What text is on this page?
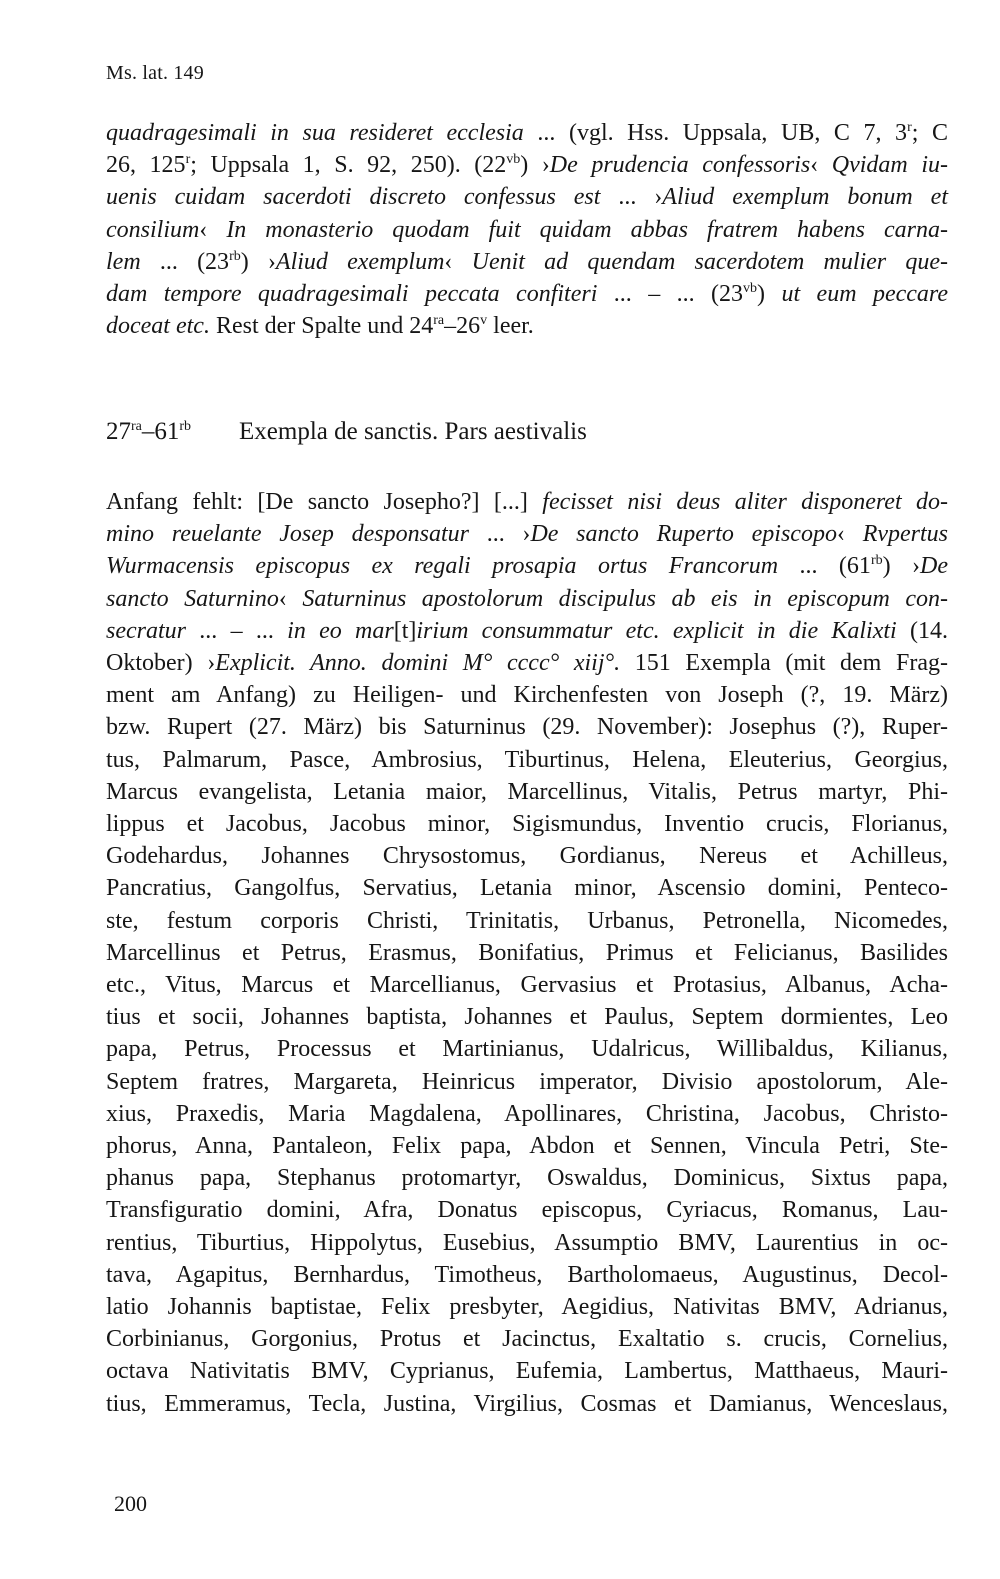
Ms. lat. 149
quadragesimali in sua resideret ecclesia ... (vgl. Hss. Uppsala, UB, C 7, 3$^r$; C
26, 125$^r$; Uppsala 1, S. 92, 250). $(22^{vb})$ ›De prudencia confessoris‹ Qvidam iu-
uenis cuidam sacerdoti discreto confessus est ... ›Aliud exemplum bonum et
consilium‹ In monasterio quodam fuit quidam abbas fratrem habens carna-
lem ... $(23^{rb})$ ›Aliud exemplum‹ Uenit ad quendam sacerdotem mulier que-
dam tempore quadragesimali peccata confiteri ... – ... $(23^{vb})$ ut eum peccare
doceat etc. Rest der Spalte und $24^{ra}-26^v$ leer.
$27^{ra}-61^{rb}$ Exempla de sanctis. Pars aestivalis
Anfang fehlt: [De sancto Josepho?] [...] fecisset nisi deus aliter disponeret do-
mino reuelante Josep desponsatur ... ›De sancto Ruperto episcopo‹ Rvpertus
Wurmacensis episcopus ex regali prosapia ortus Francorum ... $(61^{rb})$ ›De
sancto Saturnino‹ Saturninus apostolorum discipulus ab eis in episcopum con-
secratur ... – ... in eo mar[t]irium consummatur etc. explicit in die Kalixti (14.
Oktober) ›Explicit. Anno. domini M° cccc° xiij°. 151 Exempla (mit dem Frag-
ment am Anfang) zu Heiligen- und Kirchenfesten von Joseph (?, 19. März)
bzw. Rupert (27. März) bis Saturninus (29. November): Josephus (?), Ruper-
tus, Palmarum, Pasce, Ambrosius, Tiburtinus, Helena, Eleuterius, Georgius,
Marcus evangelista, Letania maior, Marcellinus, Vitalis, Petrus martyr, Phi-
lippus et Jacobus, Jacobus minor, Sigismundus, Inventio crucis, Florianus,
Godehardus, Johannes Chrysostomus, Gordianus, Nereus et Achilleus,
Pancratius, Gangolfus, Servatius, Letania minor, Ascensio domini, Penteco-
ste, festum corporis Christi, Trinitatis, Urbanus, Petronella, Nicomedes,
Marcellinus et Petrus, Erasmus, Bonifatius, Primus et Felicianus, Basilides
etc., Vitus, Marcus et Marcellianus, Gervasius et Protasius, Albanus, Acha-
tius et socii, Johannes baptista, Johannes et Paulus, Septem dormientes, Leo
papa, Petrus, Processus et Martinianus, Udalricus, Willibaldus, Kilianus,
Septem fratres, Margareta, Heinricus imperator, Divisio apostolorum, Ale-
xius, Praxedis, Maria Magdalena, Apollinares, Christina, Jacobus, Christo-
phorus, Anna, Pantaleon, Felix papa, Abdon et Sennen, Vincula Petri, Ste-
phanus papa, Stephanus protomartyr, Oswaldus, Dominicus, Sixtus papa,
Transfiguratio domini, Afra, Donatus episcopus, Cyriacus, Romanus, Lau-
rentius, Tiburtius, Hippolytus, Eusebius, Assumptio BMV, Laurentius in oc-
tava, Agapitus, Bernhardus, Timotheus, Bartholomaeus, Augustinus, Decol-
latio Johannis baptistae, Felix presbyter, Aegidius, Nativitas BMV, Adrianus,
Corbinianus, Gorgonius, Protus et Jacinctus, Exaltatio s. crucis, Cornelius,
octava Nativitatis BMV, Cyprianus, Eufemia, Lambertus, Matthaeus, Mauri-
tius, Emmeramus, Tecla, Justina, Virgilius, Cosmas et Damianus, Wenceslaus,
200
